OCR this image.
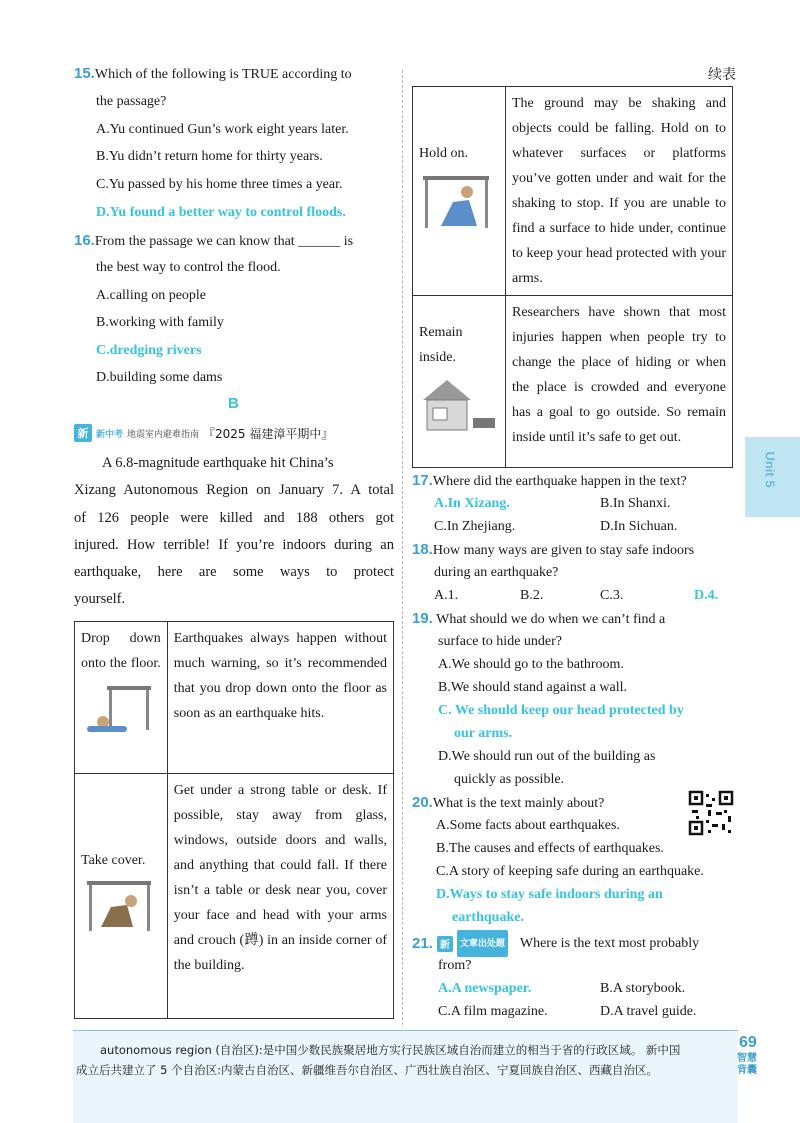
续表
15.Which of the following is TRUE according to
the passage?
A.Yu continued Gun’s work eight years later.
B.Yu didn’t return home for thirty years.
C.Yu passed by his home three times a year.
D.Yu found a better way to control floods.
16.From the passage we can know that ______ is
the best way to control the flood.
A.calling on people
B.working with family
C.dredging rivers
D.building some dams
B
新 新中考 地震室内避难指南 『2025 福建漳平期中』
A 6.8-magnitude earthquake hit China’s
Xizang Autonomous Region on January 7. A total
of 126 people were killed and 188 others got
injured. How terrible! If you’re indoors during an
earthquake, here are some ways to protect
yourself.
Drop down onto the floor.	Earthquakes always happen without much warning, so it’s recommended that you drop down onto the floor as soon as an earthquake hits.

Take cover.	Get under a strong table or desk. If possible, stay away from glass, windows, outside doors and walls, and anything that could fall. If there isn’t a table or desk near you, cover your face and head with your arms and crouch (蹲) in an inside corner of the building.
Hold on.	The ground may be shaking and objects could be falling. Hold on to whatever surfaces or platforms you’ve gotten under and wait for the shaking to stop. If you are unable to find a surface to hide under, continue to keep your head protected with your arms.

Remain inside.	Researchers have shown that most injuries happen when people try to change the place of hiding or when the place is crowded and everyone has a goal to go outside. So remain inside until it’s safe to get out.
17.Where did the earthquake happen in the text?
A.In Xizang.	B.In Shanxi.
C.In Zhejiang.	D.In Sichuan.
18.How many ways are given to stay safe indoors
during an earthquake?
A.1.	B.2.	C.3.	D.4.
19. What should we do when we can’t find a
surface to hide under?
A.We should go to the bathroom.
B.We should stand against a wall.
C. We should keep our head protected by
our arms.
D.We should run out of the building as
quickly as possible.
20.What is the text mainly about?
A.Some facts about earthquakes.
B.The causes and effects of earthquakes.
C.A story of keeping safe during an earthquake.
D.Ways to stay safe indoors during an
earthquake.
21. 新	文章出处题 Where is the text most probably
from?
A.A newspaper.	B.A storybook.
C.A film magazine.	D.A travel guide.
Unit 5
autonomous region (自治区):是中国少数民族聚居地方实行民族区域自治而建立的相当于省的行政区域。 新中国
成立后共建立了 5 个自治区:内蒙古自治区、新疆维吾尔自治区、广西壮族自治区、宁夏回族自治区、西藏自治区。
69
智慧背囊
